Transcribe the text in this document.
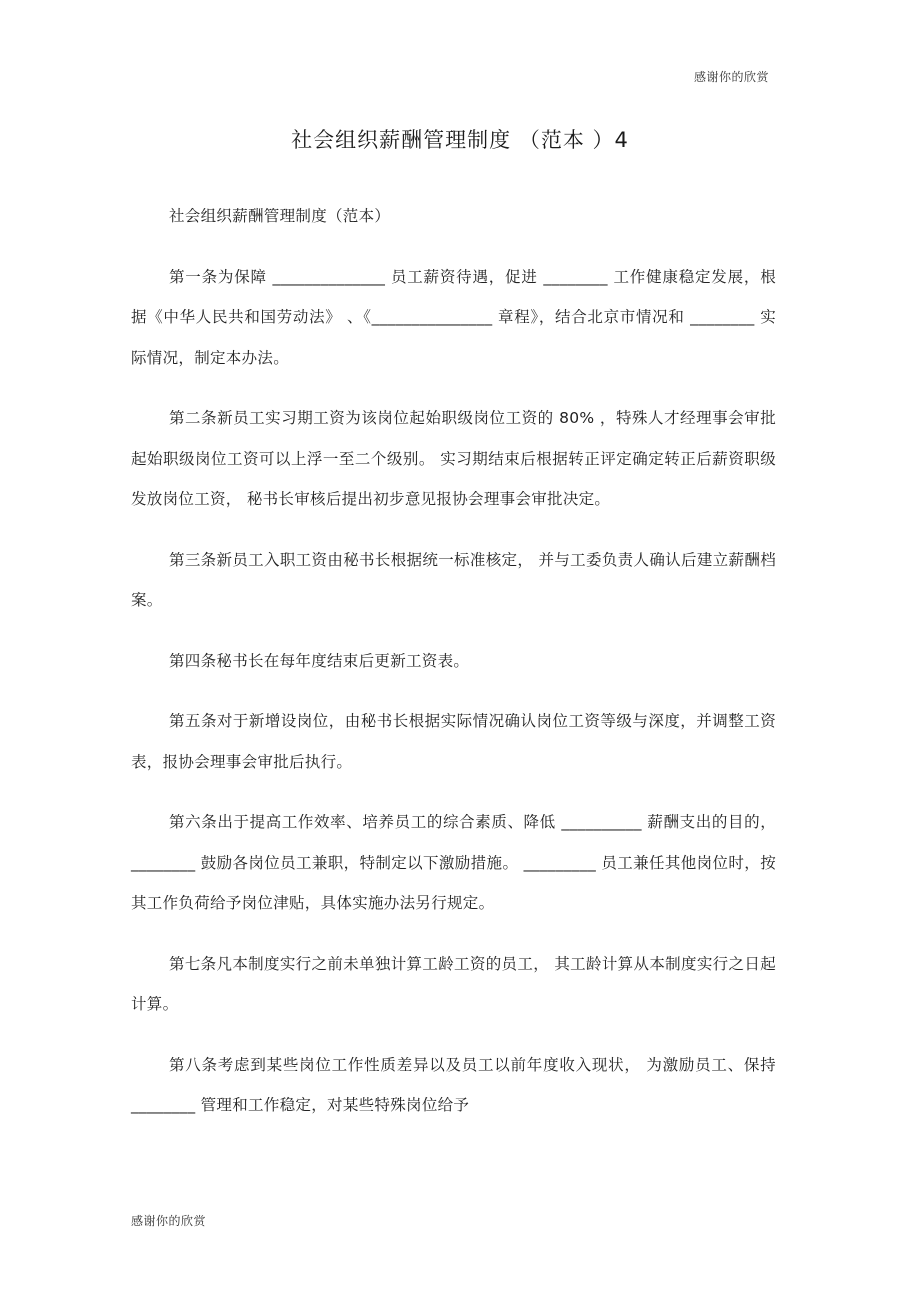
感谢你的欣赏
社会组织薪酬管理制度 （范本 ）4

社会组织薪酬管理制度（范本）

第一条为保障 ______________ 员工薪资待遇，促进 ________ 工作健康稳定发展，根据《中华人民共和国劳动法》 、《_______________ 章程》，结合北京市情况和 ________ 实际情况，制定本办法。

第二条新员工实习期工资为该岗位起始职级岗位工资的 80% ，特殊人才经理事会审批起始职级岗位工资可以上浮一至二个级别。 实习期结束后根据转正评定确定转正后薪资职级发放岗位工资， 秘书长审核后提出初步意见报协会理事会审批决定。

第三条新员工入职工资由秘书长根据统一标准核定， 并与工委负责人确认后建立薪酬档案。

第四条秘书长在每年度结束后更新工资表。

第五条对于新增设岗位，由秘书长根据实际情况确认岗位工资等级与深度，并调整工资表，报协会理事会审批后执行。

第六条出于提高工作效率、培养员工的综合素质、降低 __________ 薪酬支出的目的， ________ 鼓励各岗位员工兼职，特制定以下激励措施。 _________ 员工兼任其他岗位时，按其工作负荷给予岗位津贴，具体实施办法另行规定。

第七条凡本制度实行之前未单独计算工龄工资的员工， 其工龄计算从本制度实行之日起计算。

第八条考虑到某些岗位工作性质差异以及员工以前年度收入现状， 为激励员工、保持 ________ 管理和工作稳定，对某些特殊岗位给予

感谢你的欣赏
